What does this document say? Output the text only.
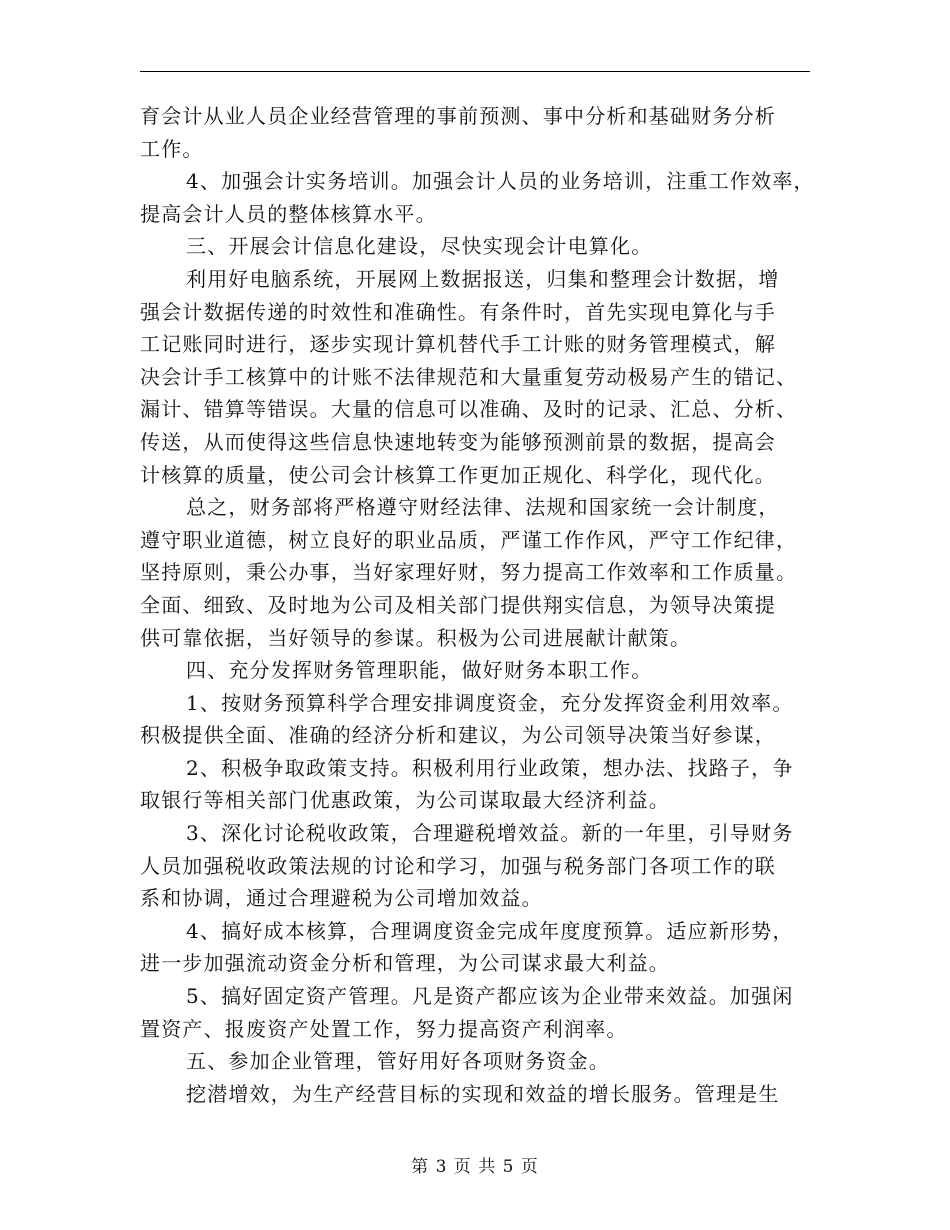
育会计从业人员企业经营管理的事前预测、事中分析和基础财务分析
工作。
4、加强会计实务培训。加强会计人员的业务培训，注重工作效率，
提高会计人员的整体核算水平。
三、开展会计信息化建设，尽快实现会计电算化。
利用好电脑系统，开展网上数据报送，归集和整理会计数据，增
强会计数据传递的时效性和准确性。有条件时，首先实现电算化与手
工记账同时进行，逐步实现计算机替代手工计账的财务管理模式，解
决会计手工核算中的计账不法律规范和大量重复劳动极易产生的错记、
漏计、错算等错误。大量的信息可以准确、及时的记录、汇总、分析、
传送，从而使得这些信息快速地转变为能够预测前景的数据，提高会
计核算的质量，使公司会计核算工作更加正规化、科学化，现代化。
总之，财务部将严格遵守财经法律、法规和国家统一会计制度，
遵守职业道德，树立良好的职业品质，严谨工作作风，严守工作纪律，
坚持原则，秉公办事，当好家理好财，努力提高工作效率和工作质量。
全面、细致、及时地为公司及相关部门提供翔实信息，为领导决策提
供可靠依据，当好领导的参谋。积极为公司进展献计献策。
四、充分发挥财务管理职能，做好财务本职工作。
1、按财务预算科学合理安排调度资金，充分发挥资金利用效率。
积极提供全面、准确的经济分析和建议，为公司领导决策当好参谋，
2、积极争取政策支持。积极利用行业政策，想办法、找路子，争
取银行等相关部门优惠政策，为公司谋取最大经济利益。
3、深化讨论税收政策，合理避税增效益。新的一年里，引导财务
人员加强税收政策法规的讨论和学习，加强与税务部门各项工作的联
系和协调，通过合理避税为公司增加效益。
4、搞好成本核算，合理调度资金完成年度度预算。适应新形势，
进一步加强流动资金分析和管理，为公司谋求最大利益。
5、搞好固定资产管理。凡是资产都应该为企业带来效益。加强闲
置资产、报废资产处置工作，努力提高资产利润率。
五、参加企业管理，管好用好各项财务资金。
挖潜增效，为生产经营目标的实现和效益的增长服务。管理是生
第 3 页 共 5 页
